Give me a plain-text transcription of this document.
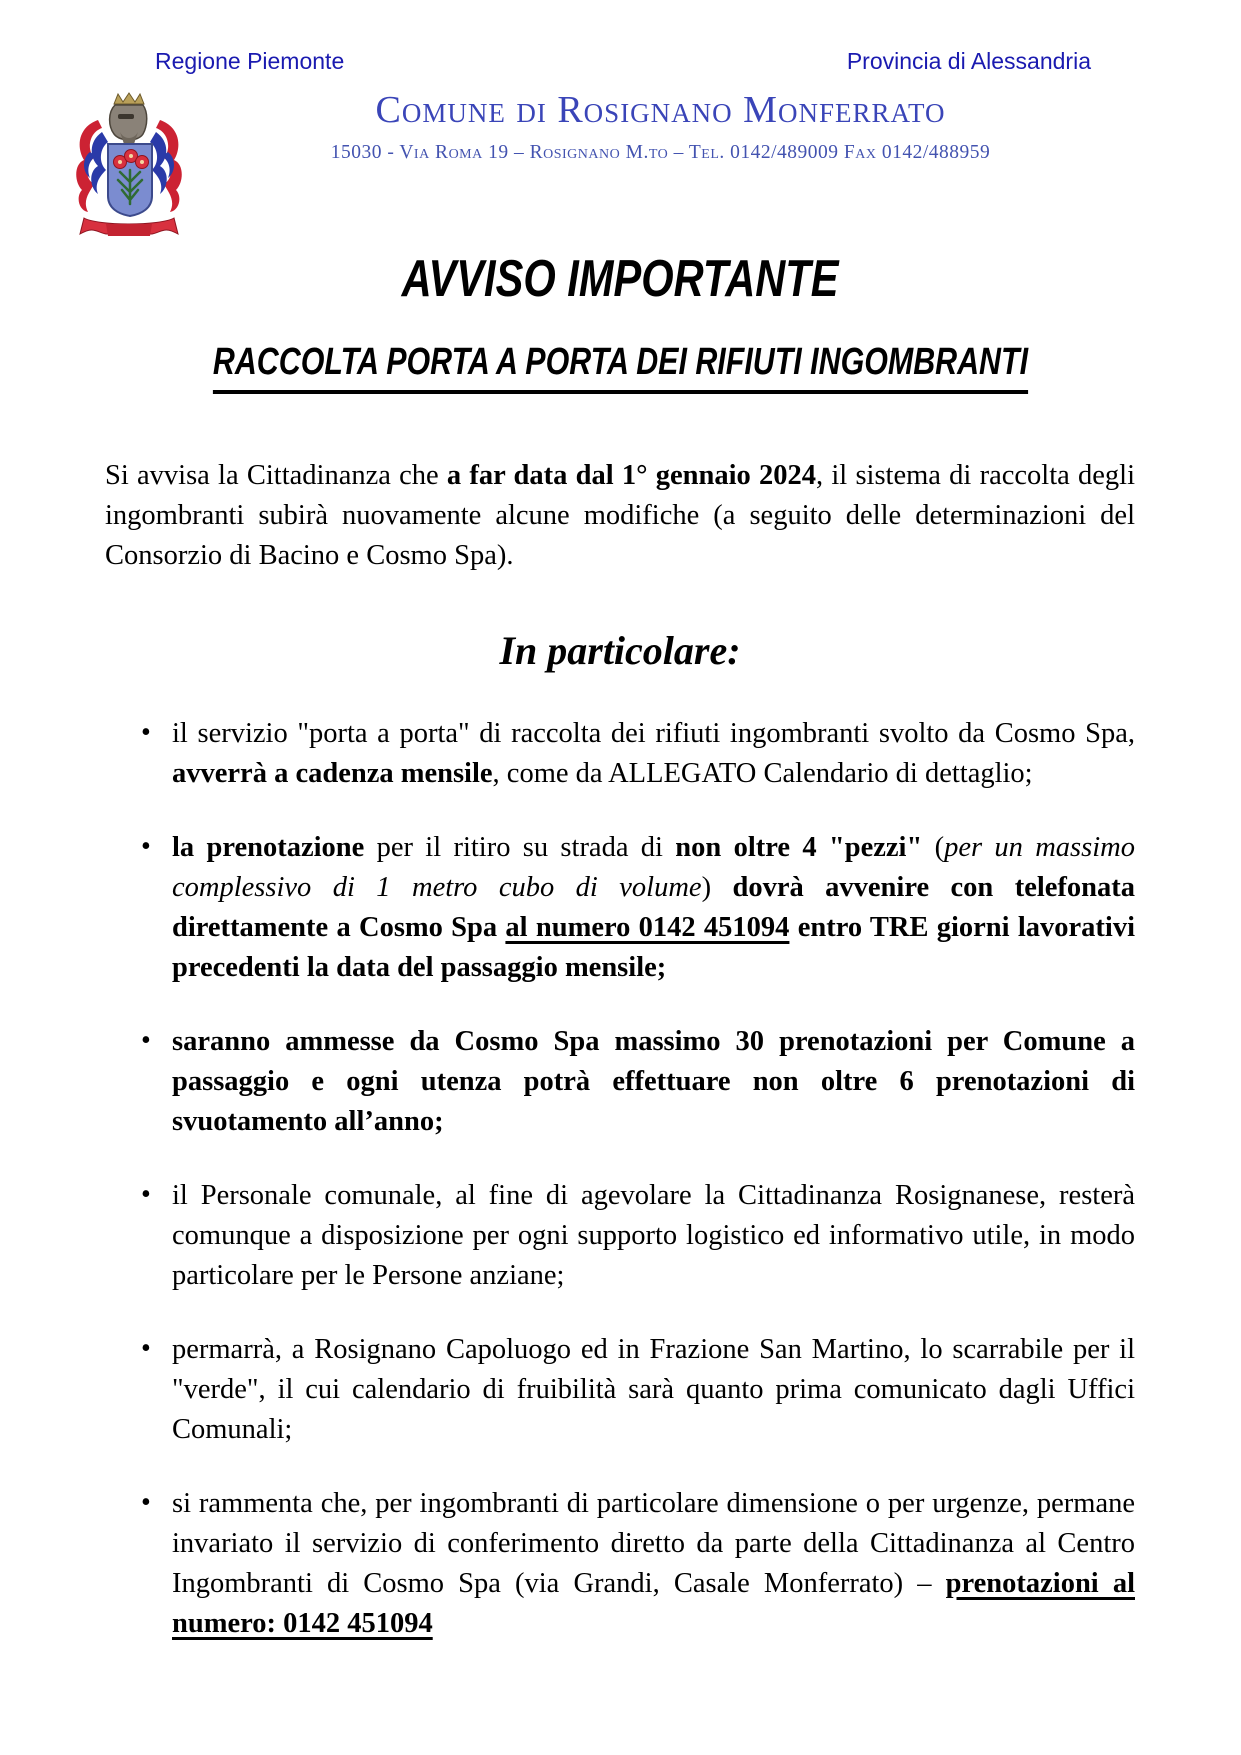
Regione Piemonte	Provincia di Alessandria
Comune di Rosignano Monferrato
15030 - Via Roma 19 – Rosignano M.to – Tel. 0142/489009 Fax 0142/488959
AVVISO IMPORTANTE
RACCOLTA PORTA A PORTA DEI RIFIUTI INGOMBRANTI

Si avvisa la Cittadinanza che a far data dal 1° gennaio 2024, il sistema di raccolta degli ingombranti subirà nuovamente alcune modifiche (a seguito delle determinazioni del Consorzio di Bacino e Cosmo Spa).

In particolare:
• il servizio "porta a porta" di raccolta dei rifiuti ingombranti svolto da Cosmo Spa, avverrà a cadenza mensile, come da ALLEGATO Calendario di dettaglio;
• la prenotazione per il ritiro su strada di non oltre 4 "pezzi" (per un massimo complessivo di 1 metro cubo di volume) dovrà avvenire con telefonata direttamente a Cosmo Spa al numero 0142 451094 entro TRE giorni lavorativi precedenti la data del passaggio mensile;
• saranno ammesse da Cosmo Spa massimo 30 prenotazioni per Comune a passaggio e ogni utenza potrà effettuare non oltre 6 prenotazioni di svuotamento all’anno;
• il Personale comunale, al fine di agevolare la Cittadinanza Rosignanese, resterà comunque a disposizione per ogni supporto logistico ed informativo utile, in modo particolare per le Persone anziane;
• permarrà, a Rosignano Capoluogo ed in Frazione San Martino, lo scarrabile per il "verde", il cui calendario di fruibilità sarà quanto prima comunicato dagli Uffici Comunali;
• si rammenta che, per ingombranti di particolare dimensione o per urgenze, permane invariato il servizio di conferimento diretto da parte della Cittadinanza al Centro Ingombranti di Cosmo Spa (via Grandi, Casale Monferrato) – prenotazioni al numero: 0142 451094
